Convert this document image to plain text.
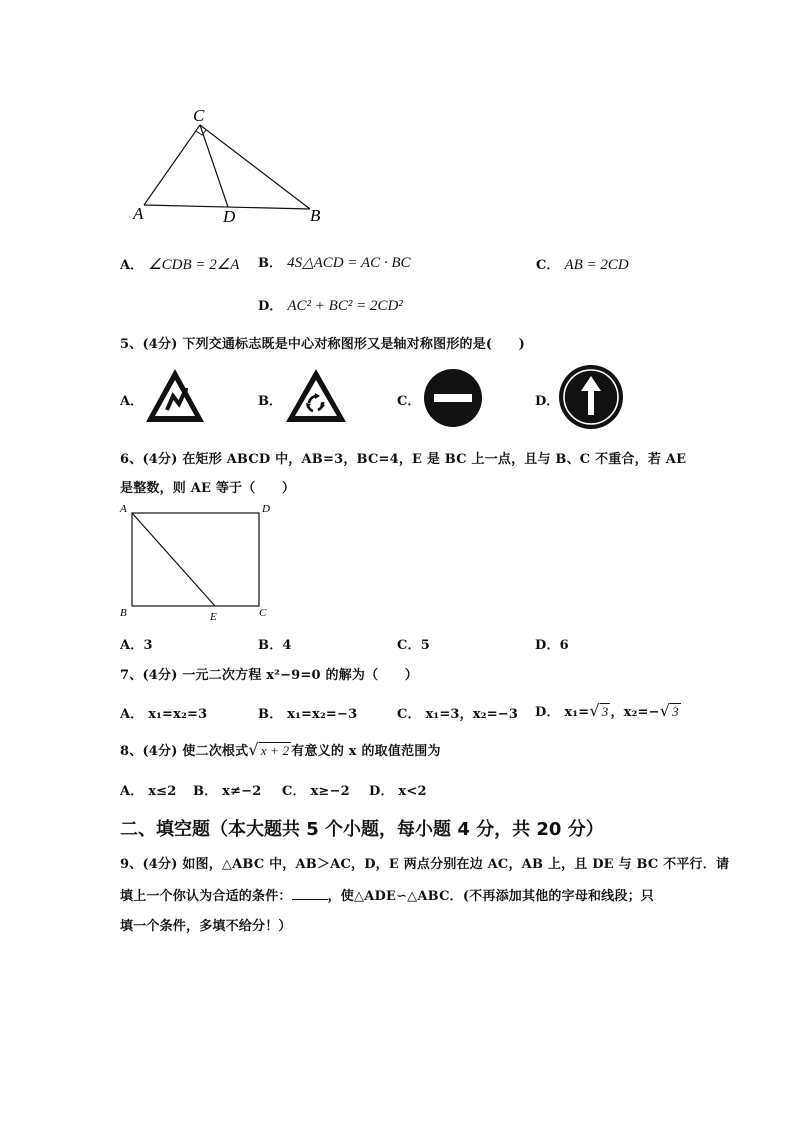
C
A	D	B
A． ∠CDB = 2∠A B． 4S△ACD = AC · BC	C． AB = 2CD
D． AC² + BC² = 2CD²
5、(4分) 下列交通标志既是中心对称图形又是轴对称图形的是(　　)
A．	B．	C．	D．
6、(4分) 在矩形 ABCD 中，AB=3，BC=4，E 是 BC 上一点，且与 B、C 不重合，若 AE
是整数，则 AE 等于（　　）
A	D
B	E	C
A．3	B．4	C．5	D．6
7、(4分) 一元二次方程 x²−9=0 的解为（　　）
A． x₁=x₂=3	B． x₁=x₂=−3	C． x₁=3，x₂=−3 D． x₁=√ 3 ，x₂=−√ 3
8、(4分) 使二次根式√ x + 2 有意义的 x 的取值范围为
A． x≤2 B． x≠−2 C． x≥−2 D． x<2
二、填空题（本大题共 5 个小题，每小题 4 分，共 20 分）
9、(4分) 如图，△ABC 中，AB＞AC，D，E 两点分别在边 AC，AB 上，且 DE 与 BC 不平行．请
填上一个你认为合适的条件：	，使△ADE∽△ABC．(不再添加其他的字母和线段；只
填一个条件，多填不给分！）
